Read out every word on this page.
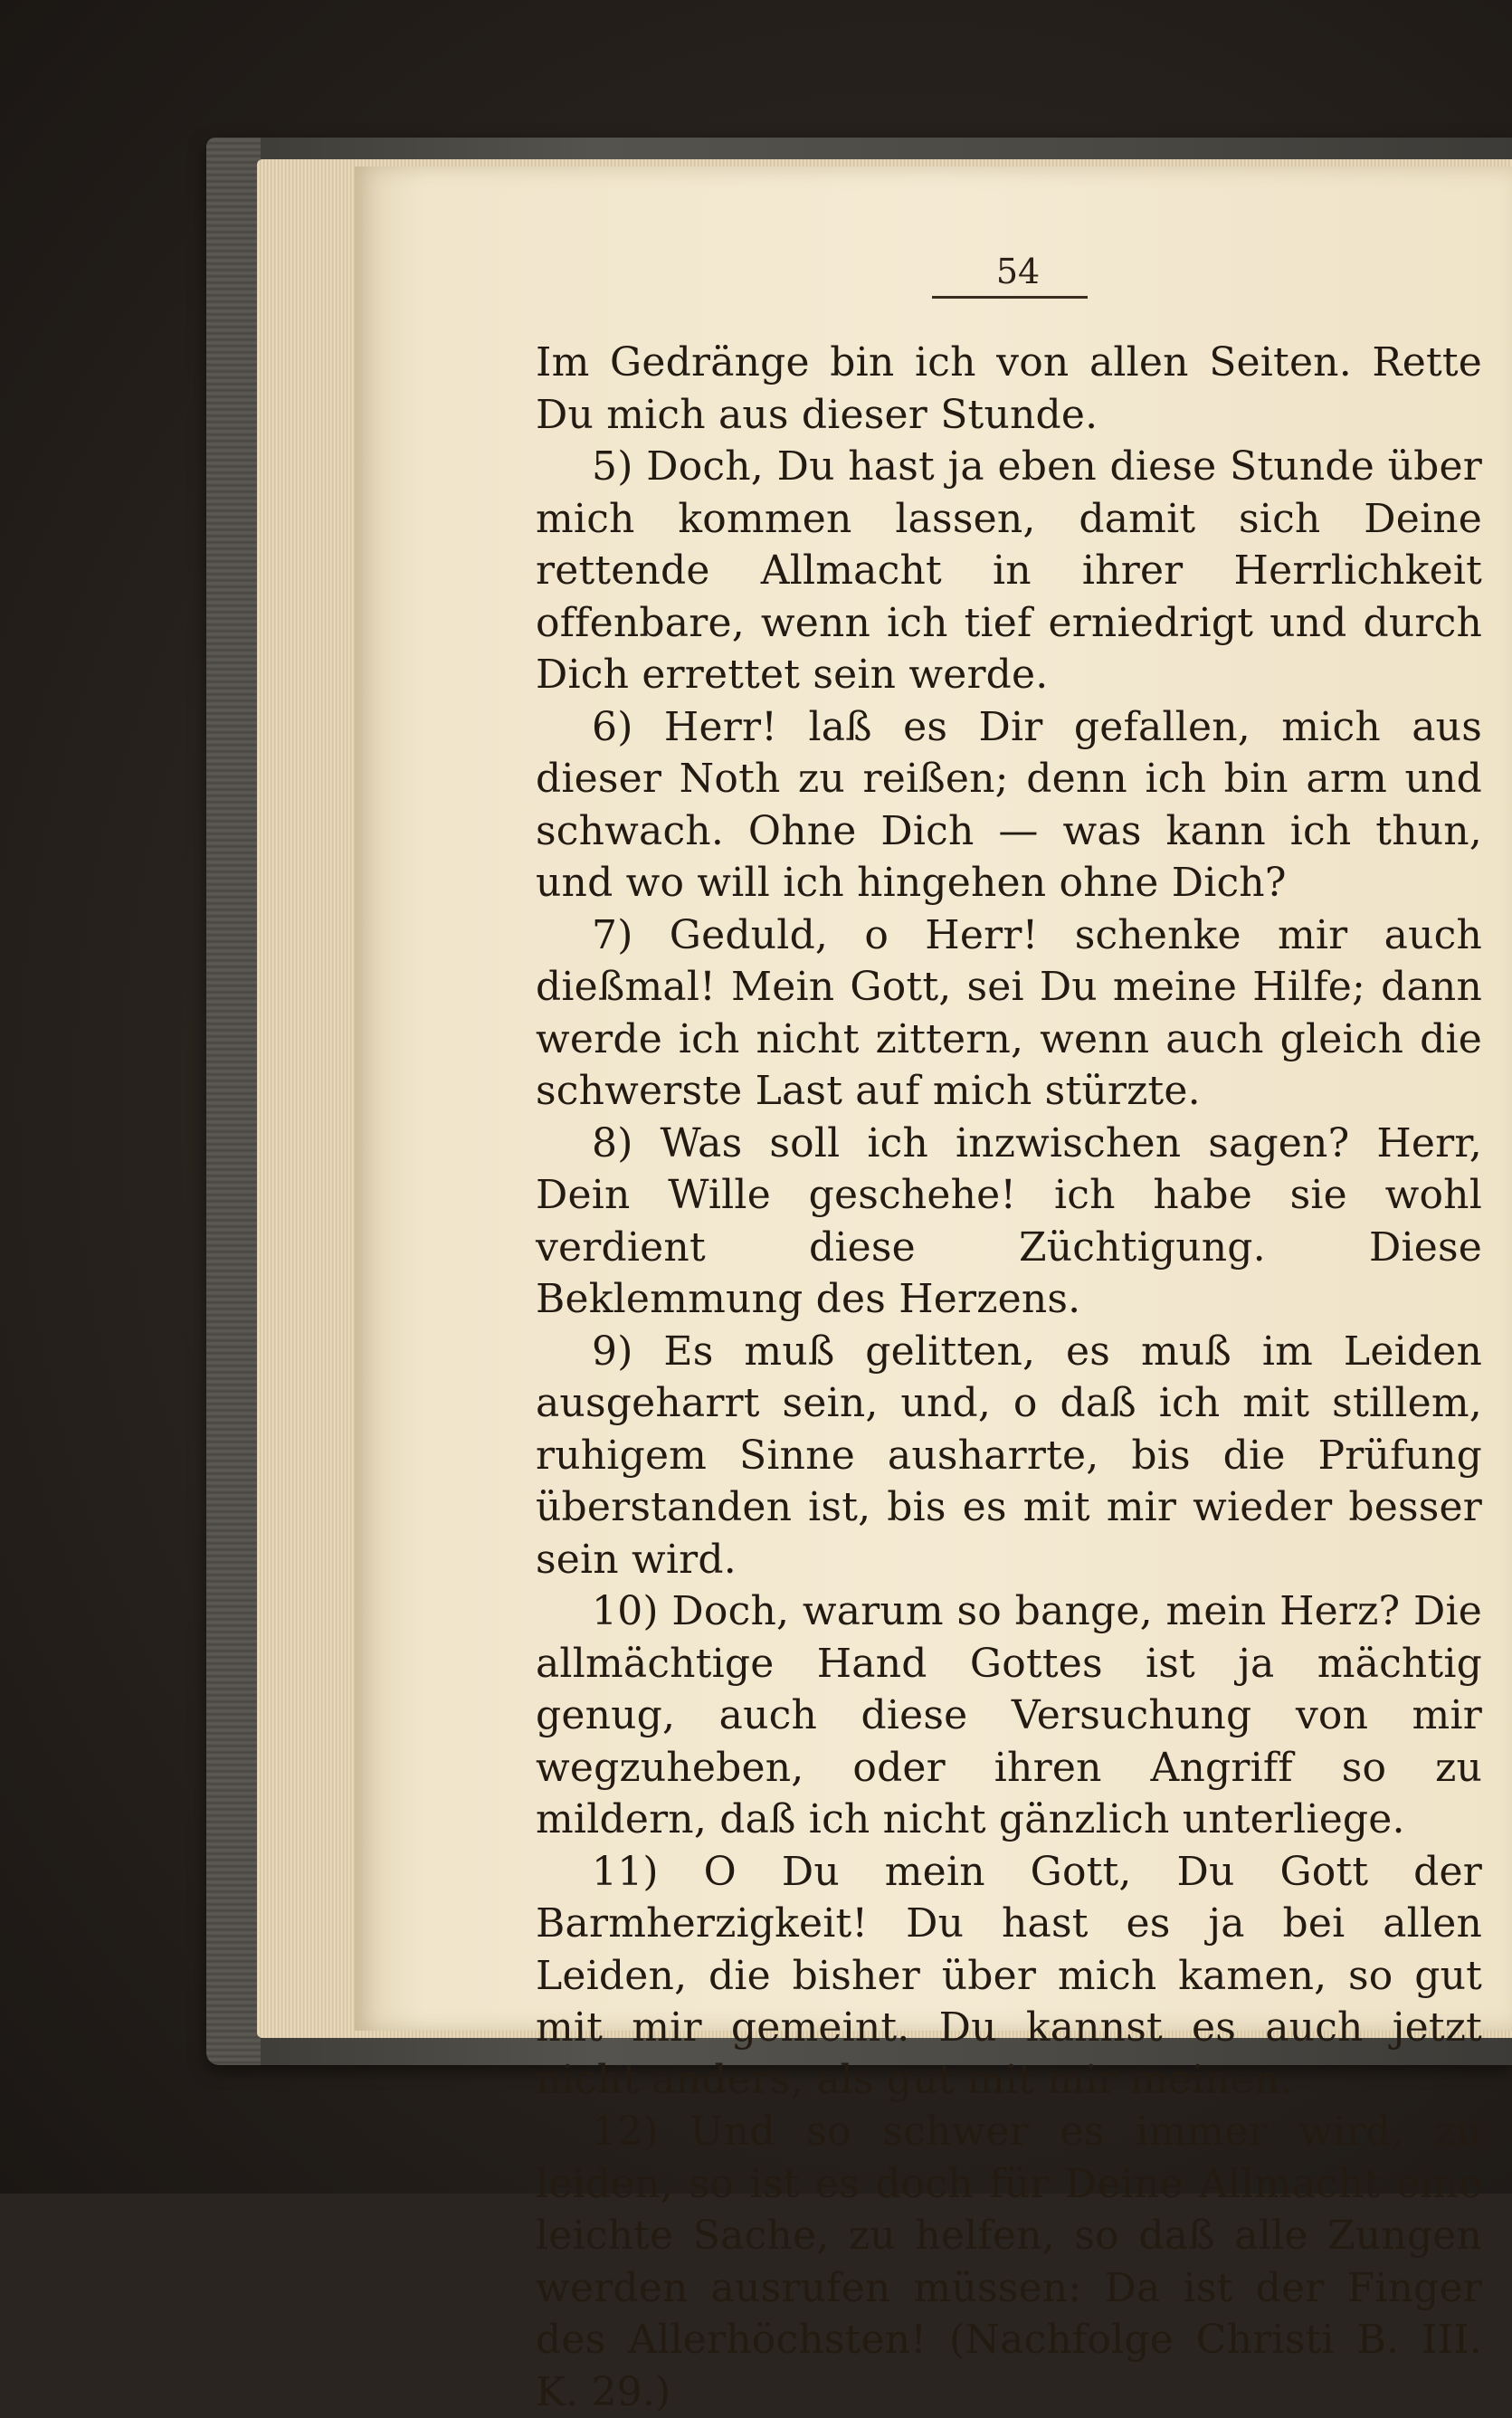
54

Im Gedränge bin ich von allen Seiten. Rette Du mich aus dieser Stunde.

5) Doch, Du hast ja eben diese Stunde über mich kommen lassen, damit sich Deine rettende Allmacht in ihrer Herrlichkeit offenbare, wenn ich tief erniedrigt und durch Dich errettet sein werde.

6) Herr! laß es Dir gefallen, mich aus dieser Noth zu reißen; denn ich bin arm und schwach. Ohne Dich — was kann ich thun, und wo will ich hingehen ohne Dich?

7) Geduld, o Herr! schenke mir auch dießmal! Mein Gott, sei Du meine Hilfe; dann werde ich nicht zittern, wenn auch gleich die schwerste Last auf mich stürzte.

8) Was soll ich inzwischen sagen? Herr, Dein Wille geschehe! ich habe sie wohl verdient diese Züchtigung. Diese Beklemmung des Herzens.

9) Es muß gelitten, es muß im Leiden ausgeharrt sein, und, o daß ich mit stillem, ruhigem Sinne ausharrte, bis die Prüfung überstanden ist, bis es mit mir wieder besser sein wird.

10) Doch, warum so bange, mein Herz? Die allmächtige Hand Gottes ist ja mächtig genug, auch diese Versuchung von mir wegzuheben, oder ihren Angriff so zu mildern, daß ich nicht gänzlich unterliege.

11) O Du mein Gott, Du Gott der Barmherzigkeit! Du hast es ja bei allen Leiden, die bisher über mich kamen, so gut mit mir gemeint. Du kannst es auch jetzt nicht anders, als gut mit mir meinen.

12) Und so schwer es immer wird, zu leiden, so ist es doch für Deine Allmacht eine leichte Sache, zu helfen, so daß alle Zungen werden ausrufen müssen: Da ist der Finger des Allerhöchsten! (Nachfolge Christi B. III. K. 29.)
